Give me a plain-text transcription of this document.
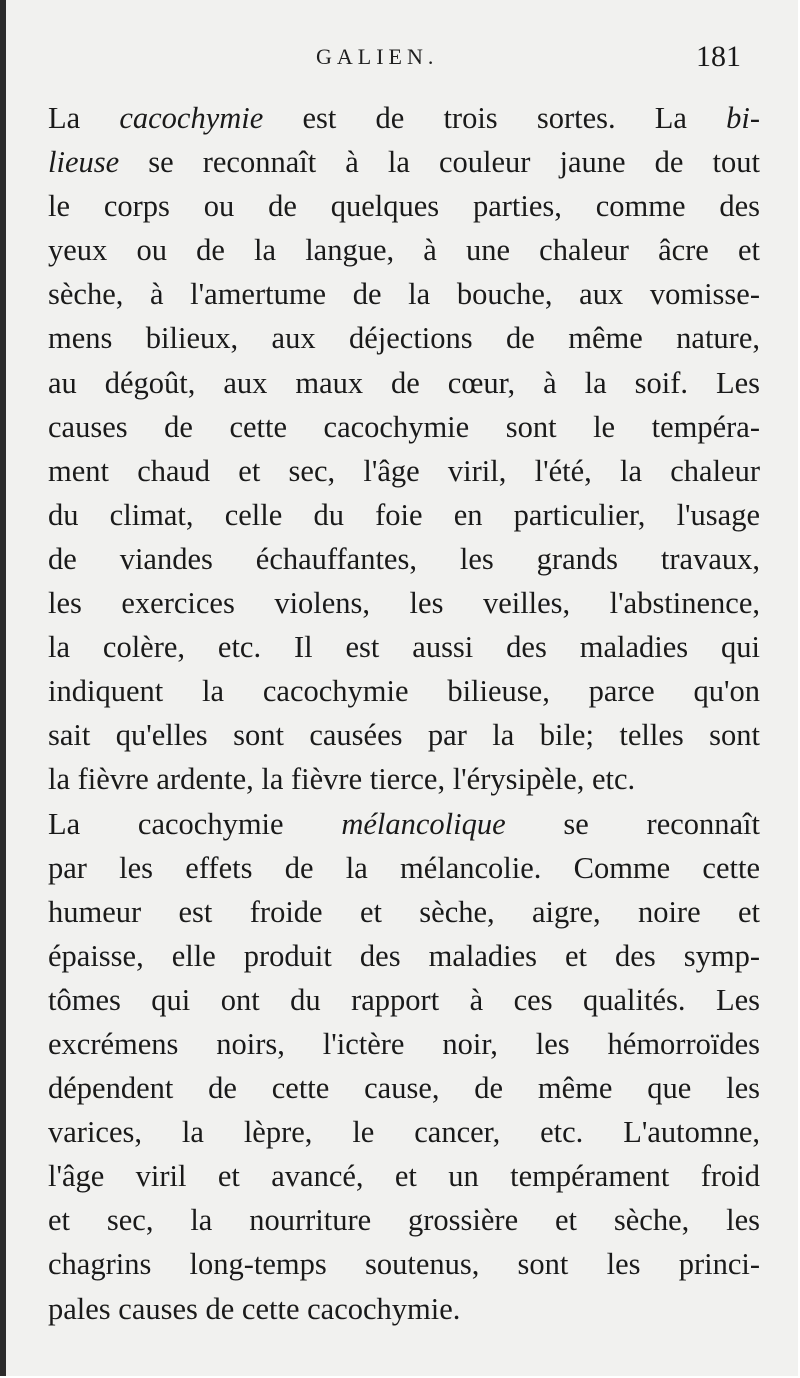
GALIEN.	181
La cacochymie est de trois sortes. La bi-
lieuse se reconnaît à la couleur jaune de tout
le corps ou de quelques parties, comme des
yeux ou de la langue, à une chaleur âcre et
sèche, à l'amertume de la bouche, aux vomisse-
mens bilieux, aux déjections de même nature,
au dégoût, aux maux de cœur, à la soif. Les
causes de cette cacochymie sont le tempéra-
ment chaud et sec, l'âge viril, l'été, la chaleur
du climat, celle du foie en particulier, l'usage
de viandes échauffantes, les grands travaux,
les exercices violens, les veilles, l'abstinence,
la colère, etc. Il est aussi des maladies qui
indiquent la cacochymie bilieuse, parce qu'on
sait qu'elles sont causées par la bile; telles sont
la fièvre ardente, la fièvre tierce, l'érysipèle, etc.
La cacochymie mélancolique se reconnaît
par les effets de la mélancolie. Comme cette
humeur est froide et sèche, aigre, noire et
épaisse, elle produit des maladies et des symp-
tômes qui ont du rapport à ces qualités. Les
excrémens noirs, l'ictère noir, les hémorroïdes
dépendent de cette cause, de même que les
varices, la lèpre, le cancer, etc. L'automne,
l'âge viril et avancé, et un tempérament froid
et sec, la nourriture grossière et sèche, les
chagrins long-temps soutenus, sont les princi-
pales causes de cette cacochymie.
